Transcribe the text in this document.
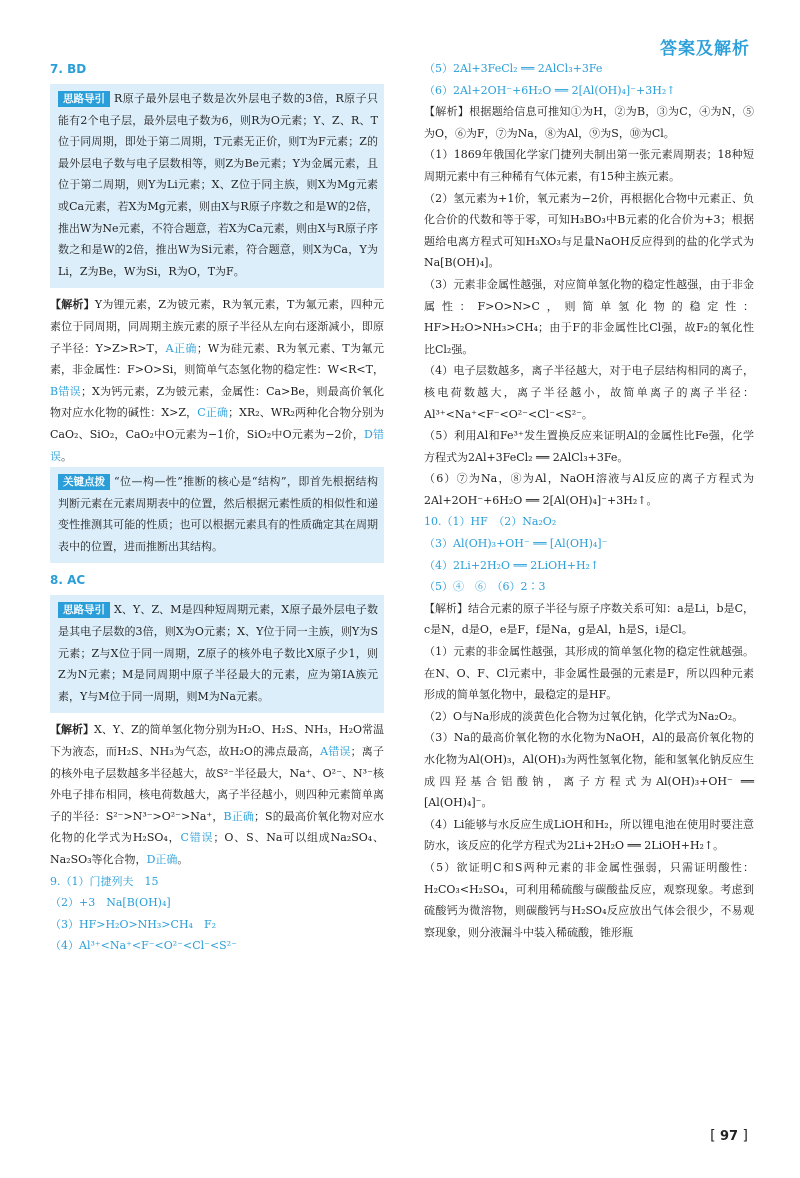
答案及解析
7. BD

思路导引 R原子最外层电子数是次外层电子数的3倍，R原子只能有2个电子层，最外层电子数为6，则R为O元素；Y、Z、R、T位于同周期，即处于第二周期，T元素无正价，则T为F元素；Z的最外层电子数与电子层数相等，则Z为Be元素；Y为金属元素，且位于第二周期，则Y为Li元素；X、Z位于同主族，则X为Mg元素或Ca元素，若X为Mg元素，则由X与R原子序数之和是W的2倍，推出W为Ne元素，不符合题意，若X为Ca元素，则由X与R原子序数之和是W的2倍，推出W为Si元素，符合题意，则X为Ca，Y为Li，Z为Be，W为Si，R为O，T为F。

【解析】Y为锂元素，Z为铍元素，R为氧元素，T为氟元素，四种元素位于同周期，同周期主族元素的原子半径从左向右逐渐减小，即原子半径：Y>Z>R>T，A正确；W为硅元素、R为氧元素、T为氟元素，非金属性：F>O>Si，则简单气态氢化物的稳定性：W<R<T，B错误；X为钙元素，Z为铍元素，金属性：Ca>Be，则最高价氧化物对应水化物的碱性：X>Z，C正确；XR₂、WR₂两种化合物分别为CaO₂、SiO₂，CaO₂中O元素为−1价，SiO₂中O元素为−2价，D错误。

关键点拨 “位—构—性”推断的核心是“结构”，即首先根据结构判断元素在元素周期表中的位置，然后根据元素性质的相似性和递变性推测其可能的性质；也可以根据元素具有的性质确定其在周期表中的位置，进而推断出其结构。

8. AC

思路导引 X、Y、Z、M是四种短周期元素，X原子最外层电子数是其电子层数的3倍，则X为O元素；X、Y位于同一主族，则Y为S元素；Z与X位于同一周期，Z原子的核外电子数比X原子少1，则Z为N元素；M是同周期中原子半径最大的元素，应为第ⅠA族元素，Y与M位于同一周期，则M为Na元素。

【解析】X、Y、Z的简单氢化物分别为H₂O、H₂S、NH₃，H₂O常温下为液态，而H₂S、NH₃为气态，故H₂O的沸点最高，A错误；离子的核外电子层数越多半径越大，故S²⁻半径最大，Na⁺、O²⁻、N³⁻核外电子排布相同，核电荷数越大，离子半径越小，则四种元素简单离子的半径：S²⁻>N³⁻>O²⁻>Na⁺，B正确；S的最高价氧化物对应水化物的化学式为H₂SO₄，C错误；O、S、Na可以组成Na₂SO₄、Na₂SO₃等化合物，D正确。

9.（1）门捷列夫　15
（2）+3　Na[B(OH)₄]
（3）HF>H₂O>NH₃>CH₄　F₂
（4）Al³⁺<Na⁺<F⁻<O²⁻<Cl⁻<S²⁻
（5）2Al+3FeCl₂ ══ 2AlCl₃+3Fe
（6）2Al+2OH⁻+6H₂O ══ 2[Al(OH)₄]⁻+3H₂↑

【解析】根据题给信息可推知①为H，②为B，③为C，④为N，⑤为O，⑥为F，⑦为Na，⑧为Al，⑨为S，⑩为Cl。

（1）1869年俄国化学家门捷列夫制出第一张元素周期表；18种短周期元素中有三种稀有气体元素，有15种主族元素。

（2）氢元素为+1价，氧元素为−2价，再根据化合物中元素正、负化合价的代数和等于零，可知H₃BO₃中B元素的化合价为+3；根据题给电离方程式可知H₃XO₃与足量NaOH反应得到的盐的化学式为Na[B(OH)₄]。

（3）元素非金属性越强，对应简单氢化物的稳定性越强，由于非金属性：F>O>N>C，则简单氢化物的稳定性：HF>H₂O>NH₃>CH₄；由于F的非金属性比Cl强，故F₂的氧化性比Cl₂强。

（4）电子层数越多，离子半径越大，对于电子层结构相同的离子，核电荷数越大，离子半径越小，故简单离子的离子半径：Al³⁺<Na⁺<F⁻<O²⁻<Cl⁻<S²⁻。

（5）利用Al和Fe³⁺发生置换反应来证明Al的金属性比Fe强，化学方程式为2Al+3FeCl₂ ══ 2AlCl₃+3Fe。

（6）⑦为Na，⑧为Al，NaOH溶液与Al反应的离子方程式为2Al+2OH⁻+6H₂O ══ 2[Al(OH)₄]⁻+3H₂↑。

10.（1）HF　（2）Na₂O₂
（3）Al(OH)₃+OH⁻ ══ [Al(OH)₄]⁻
（4）2Li+2H₂O ══ 2LiOH+H₂↑
（5）④　⑥　（6）2∶3

【解析】结合元素的原子半径与原子序数关系可知：a是Li，b是C，c是N，d是O，e是F，f是Na，g是Al，h是S，i是Cl。

（1）元素的非金属性越强，其形成的简单氢化物的稳定性就越强。在N、O、F、Cl元素中，非金属性最强的元素是F，所以四种元素形成的简单氢化物中，最稳定的是HF。

（2）O与Na形成的淡黄色化合物为过氧化钠，化学式为Na₂O₂。

（3）Na的最高价氧化物的水化物为NaOH，Al的最高价氧化物的水化物为Al(OH)₃，Al(OH)₃为两性氢氧化物，能和氢氧化钠反应生成四羟基合铝酸钠，离子方程式为Al(OH)₃+OH⁻ ══ [Al(OH)₄]⁻。

（4）Li能够与水反应生成LiOH和H₂，所以锂电池在使用时要注意防水，该反应的化学方程式为2Li+2H₂O ══ 2LiOH+H₂↑。

（5）欲证明C和S两种元素的非金属性强弱，只需证明酸性：H₂CO₃<H₂SO₄，可利用稀硫酸与碳酸盐反应，观察现象。考虑到硫酸钙为微溶物，则碳酸钙与H₂SO₄反应放出气体会很少，不易观察现象，则分液漏斗中装入稀硫酸，锥形瓶

[ 97 ]
